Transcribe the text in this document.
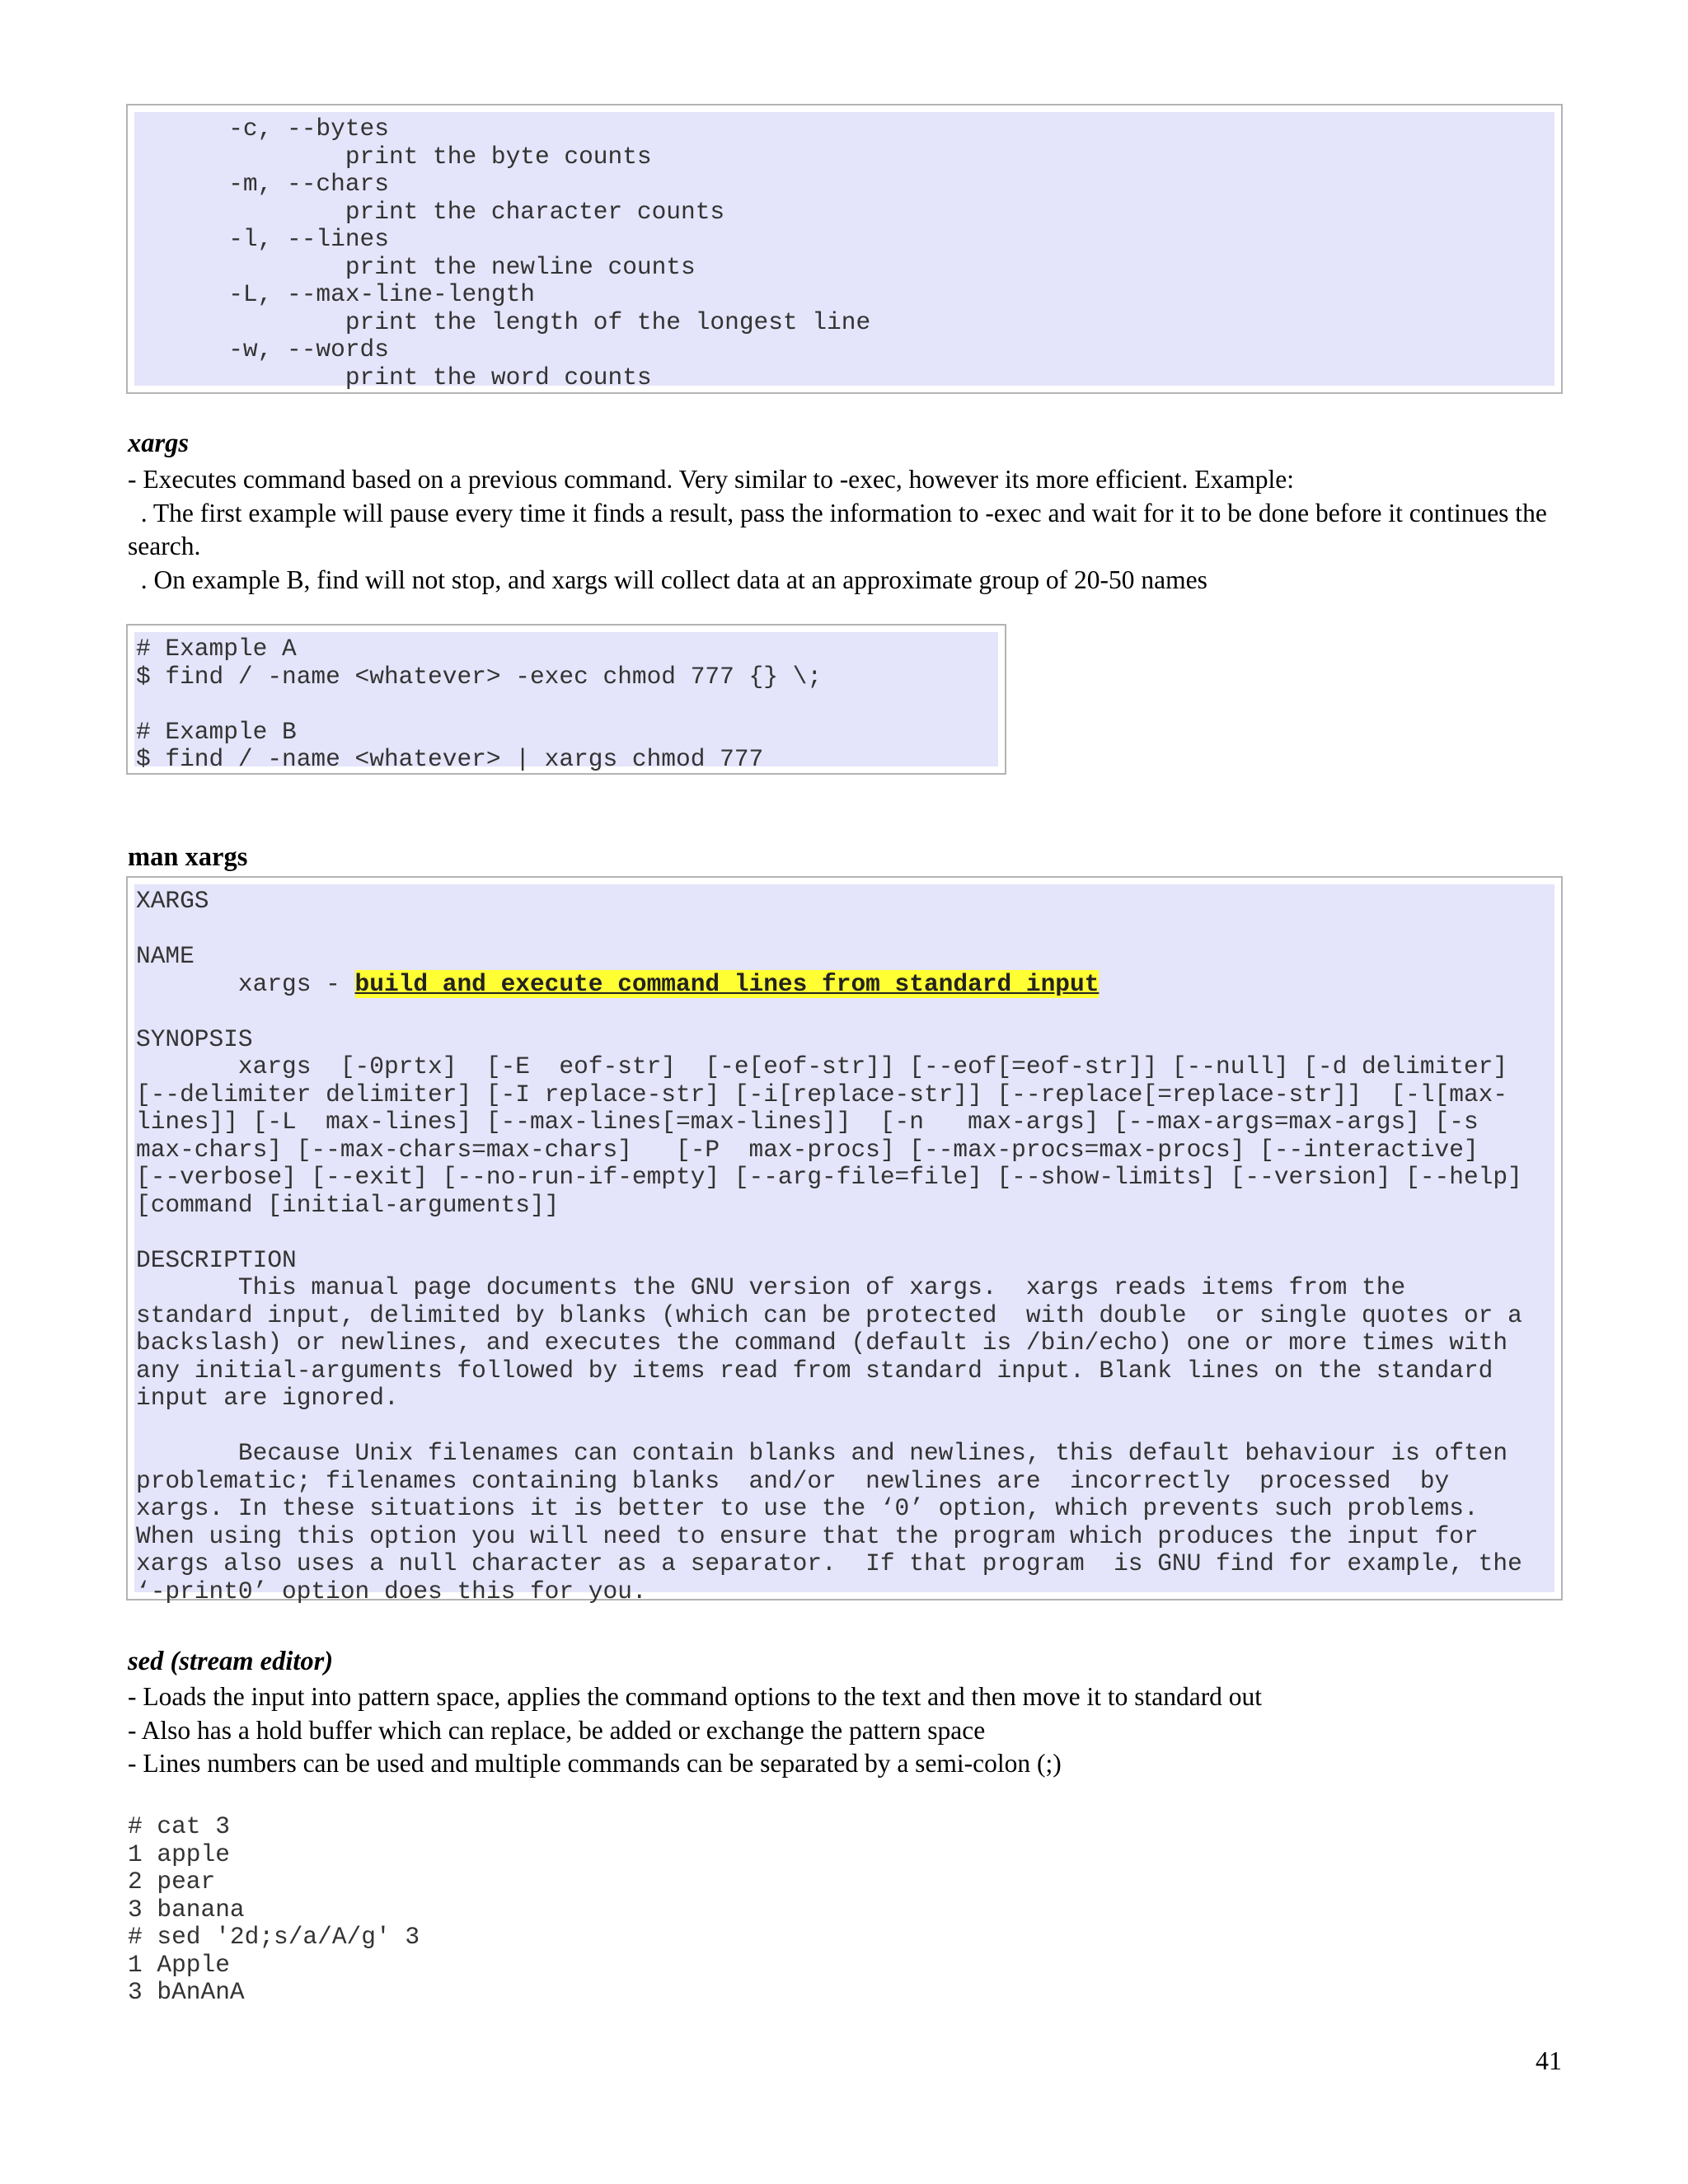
-c, --bytes
print the byte counts
-m, --chars
print the character counts
-l, --lines
print the newline counts
-L, --max-line-length
print the length of the longest line
-w, --words
print the word counts
xargs

- Executes command based on a previous command. Very similar to -exec, however its more efficient. Example:

. The first example will pause every time it finds a result, pass the information to -exec and wait for it to be done before it continues the search.

. On example B, find will not stop, and xargs will collect data at an approximate group of 20-50 names

# Example A
$ find / -name <whatever> -exec chmod 777 {} \;

# Example B
$ find / -name <whatever> | xargs chmod 777
man xargs
XARGS

NAME
xargs - build and execute command lines from standard input

SYNOPSIS
xargs  [-0prtx]  [-E  eof-str]  [-e[eof-str]] [--eof[=eof-str]] [--null] [-d delimiter]
[--delimiter delimiter] [-I replace-str] [-i[replace-str]] [--replace[=replace-str]]  [-l[max-
lines]] [-L  max-lines] [--max-lines[=max-lines]]  [-n   max-args] [--max-args=max-args] [-s
max-chars] [--max-chars=max-chars]   [-P  max-procs] [--max-procs=max-procs] [--interactive]
[--verbose] [--exit] [--no-run-if-empty] [--arg-file=file] [--show-limits] [--version] [--help]
[command [initial-arguments]]

DESCRIPTION
This manual page documents the GNU version of xargs.  xargs reads items from the
standard input, delimited by blanks (which can be protected  with double  or single quotes or a
backslash) or newlines, and executes the command (default is /bin/echo) one or more times with
any initial-arguments followed by items read from standard input. Blank lines on the standard
input are ignored.

Because Unix filenames can contain blanks and newlines, this default behaviour is often
problematic; filenames containing blanks  and/or  newlines are  incorrectly  processed  by
xargs. In these situations it is better to use the ‘0’ option, which prevents such problems.
When using this option you will need to ensure that the program which produces the input for
xargs also uses a null character as a separator.  If that program  is GNU find for example, the
‘-print0’ option does this for you.
sed (stream editor)

- Loads the input into pattern space, applies the command options to the text and then move it to standard out

- Also has a hold buffer which can replace, be added or exchange the pattern space

- Lines numbers can be used and multiple commands can be separated by a semi-colon (;)

# cat 3
1 apple
2 pear
3 banana
# sed '2d;s/a/A/g' 3
1 Apple
3 bAnAnA
41
